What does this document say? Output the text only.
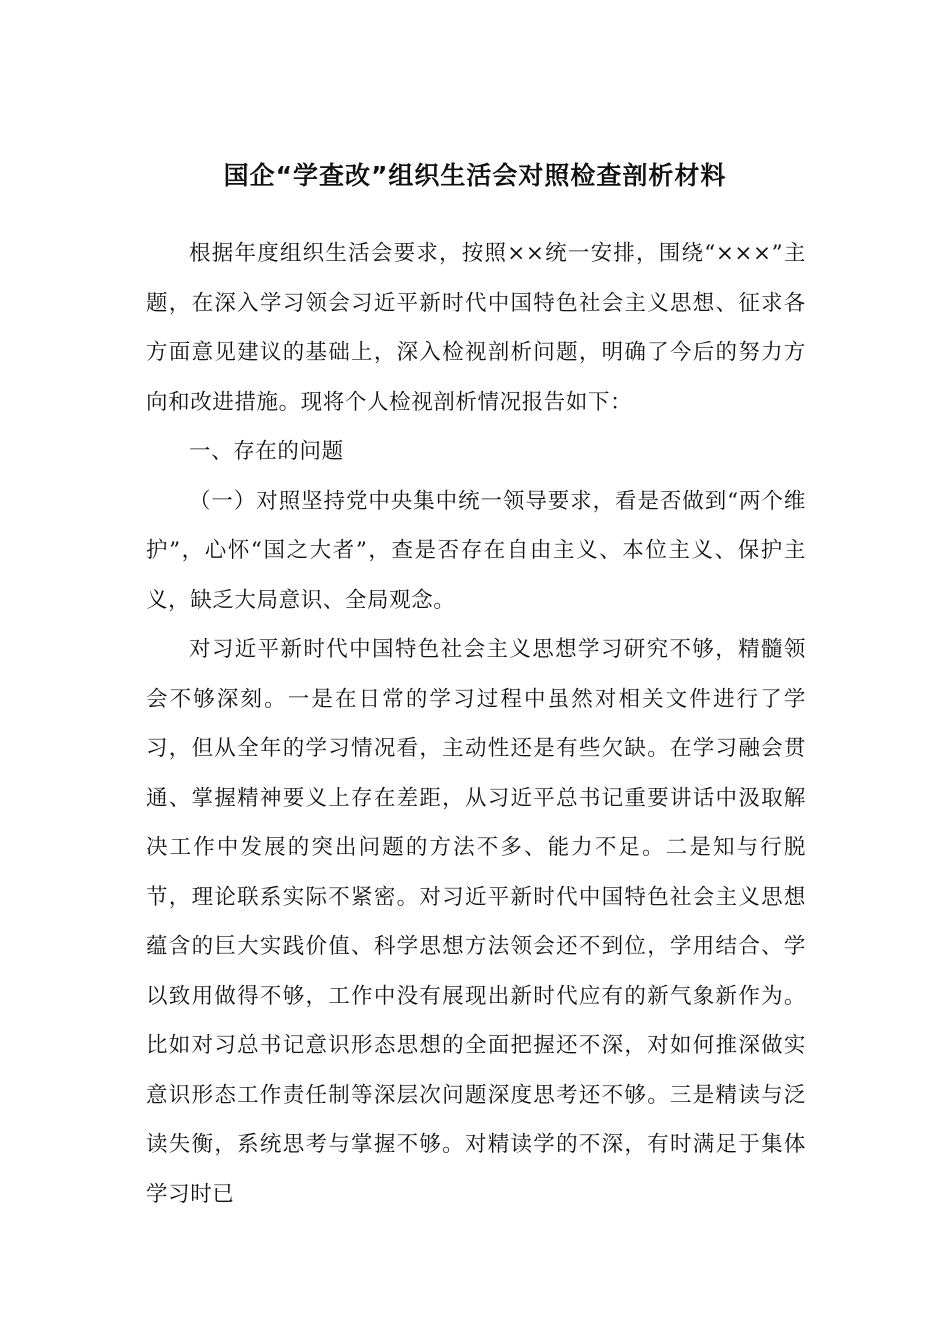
国企“学查改”组织生活会对照检查剖析材料

根据年度组织生活会要求，按照××统一安排，围绕“×××”主题，在深入学习领会习近平新时代中国特色社会主义思想、征求各方面意见建议的基础上，深入检视剖析问题，明确了今后的努力方向和改进措施。现将个人检视剖析情况报告如下：

一、存在的问题

（一）对照坚持党中央集中统一领导要求，看是否做到“两个维护”，心怀“国之大者”，查是否存在自由主义、本位主义、保护主义，缺乏大局意识、全局观念。

对习近平新时代中国特色社会主义思想学习研究不够，精髓领会不够深刻。一是在日常的学习过程中虽然对相关文件进行了学习，但从全年的学习情况看，主动性还是有些欠缺。在学习融会贯通、掌握精神要义上存在差距，从习近平总书记重要讲话中汲取解决工作中发展的突出问题的方法不多、能力不足。二是知与行脱节，理论联系实际不紧密。对习近平新时代中国特色社会主义思想蕴含的巨大实践价值、科学思想方法领会还不到位，学用结合、学以致用做得不够，工作中没有展现出新时代应有的新气象新作为。比如对习总书记意识形态思想的全面把握还不深，对如何推深做实意识形态工作责任制等深层次问题深度思考还不够。三是精读与泛读失衡，系统思考与掌握不够。对精读学的不深，有时满足于集体学习时已
